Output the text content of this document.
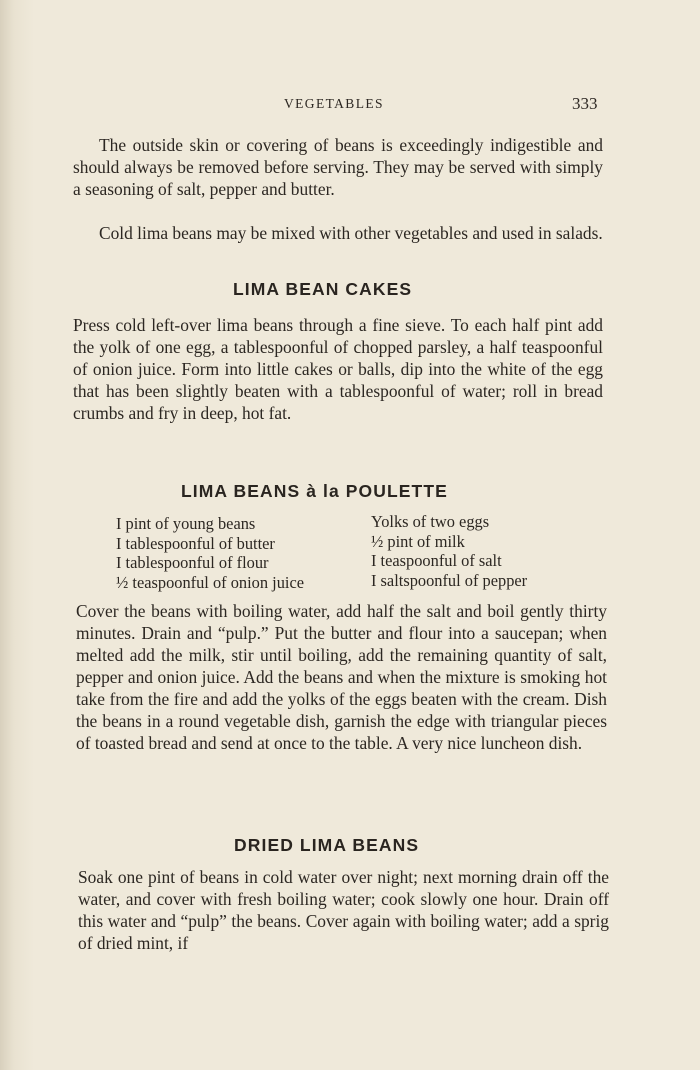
VEGETABLES	333
The outside skin or covering of beans is exceedingly indigestible and should always be removed before serving. They may be served with simply a seasoning of salt, pepper and butter.
Cold lima beans may be mixed with other vegetables and used in salads.
LIMA BEAN CAKES
Press cold left-over lima beans through a fine sieve. To each half pint add the yolk of one egg, a tablespoonful of chopped parsley, a half teaspoonful of onion juice. Form into little cakes or balls, dip into the white of the egg that has been slightly beaten with a tablespoonful of water; roll in bread crumbs and fry in deep, hot fat.
LIMA BEANS à la POULETTE
I pint of young beans
I tablespoonful of butter
I tablespoonful of flour
½ teaspoonful of onion juice
Yolks of two eggs
½ pint of milk
I teaspoonful of salt
I saltspoonful of pepper
Cover the beans with boiling water, add half the salt and boil gently thirty minutes. Drain and “pulp.” Put the butter and flour into a saucepan; when melted add the milk, stir until boiling, add the remaining quantity of salt, pepper and onion juice. Add the beans and when the mixture is smoking hot take from the fire and add the yolks of the eggs beaten with the cream. Dish the beans in a round vegetable dish, garnish the edge with triangular pieces of toasted bread and send at once to the table. A very nice luncheon dish.
DRIED LIMA BEANS
Soak one pint of beans in cold water over night; next morning drain off the water, and cover with fresh boiling water; cook slowly one hour. Drain off this water and “pulp” the beans. Cover again with boiling water; add a sprig of dried mint, if
